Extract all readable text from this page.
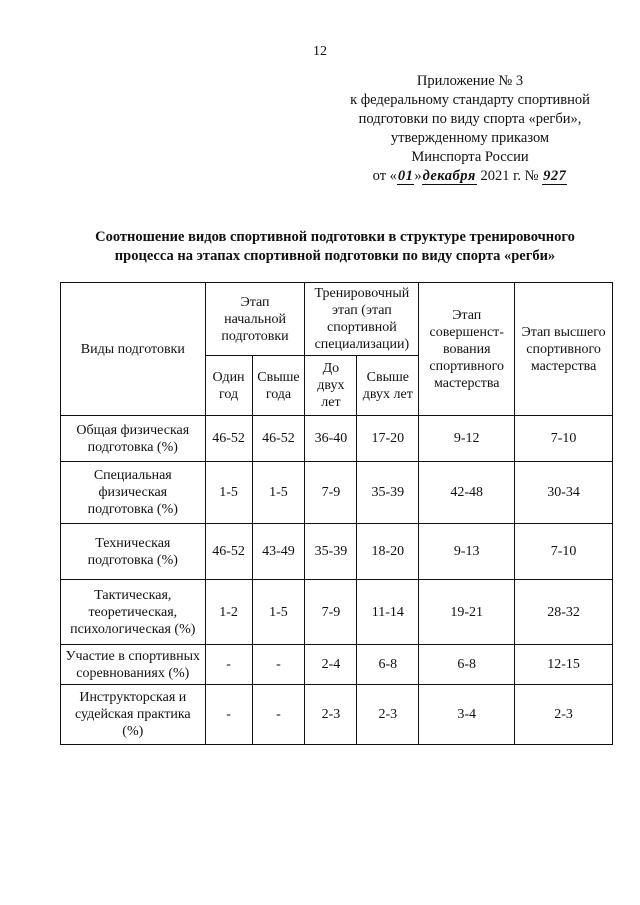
12
Приложение № 3
к федеральному стандарту спортивной
подготовки по виду спорта «регби»,
утвержденному приказом
Минспорта России
от «01»декабря 2021 г. № 927
Соотношение видов спортивной подготовки в структуре тренировочного
процесса на этапах спортивной подготовки по виду спорта «регби»
Виды подготовки	Этап начальной подготовки		Тренировочный этап (этап спортивной специализации)		Этап совершенст-вования спортивного мастерства	Этап высшего спортивного мастерства
	Один год	Свыше года	До двух лет	Свыше двух лет		
Общая физическая подготовка (%)	46-52	46-52	36-40	17-20	9-12	7-10
Специальная физическая подготовка (%)	1-5	1-5	7-9	35-39	42-48	30-34
Техническая подготовка (%)	46-52	43-49	35-39	18-20	9-13	7-10
Тактическая, теоретическая, психологическая (%)	1-2	1-5	7-9	11-14	19-21	28-32
Участие в спортивных соревнованиях (%)	-	-	2-4	6-8	6-8	12-15
Инструкторская и судейская практика (%)	-	-	2-3	2-3	3-4	2-3
